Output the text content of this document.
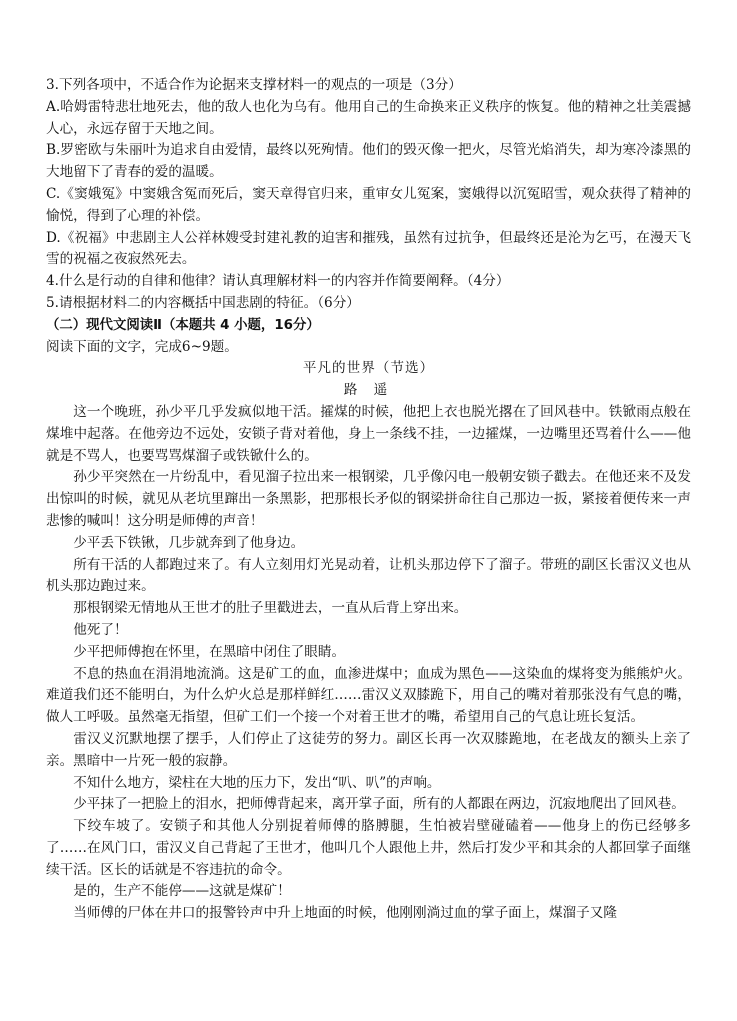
3.下列各项中，不适合作为论据来支撑材料一的观点的一项是（3分）

A.哈姆雷特悲壮地死去，他的敌人也化为乌有。他用自己的生命换来正义秩序的恢复。他的精神之壮美震撼人心，永远存留于天地之间。

B.罗密欧与朱丽叶为追求自由爱情，最终以死殉情。他们的毁灭像一把火，尽管光焰消失，却为寒冷漆黑的大地留下了青春的爱的温暖。

C.《窦娥冤》中窦娥含冤而死后，窦天章得官归来，重审女儿冤案，窦娥得以沉冤昭雪，观众获得了精神的愉悦，得到了心理的补偿。

D.《祝福》中悲剧主人公祥林嫂受封建礼教的迫害和摧残，虽然有过抗争，但最终还是沦为乞丐，在漫天飞雪的祝福之夜寂然死去。

4.什么是行动的自律和他律？请认真理解材料一的内容并作简要阐释。（4分）

5.请根据材料二的内容概括中国悲剧的特征。（6分）

（二）现代文阅读Ⅱ（本题共 4 小题，16分）

阅读下面的文字，完成6~9题。

平凡的世界（节选）

路 遥

这一个晚班，孙少平几乎发疯似地干活。攉煤的时候，他把上衣也脱光撂在了回风巷中。铁锨雨点般在煤堆中起落。在他旁边不远处，安锁子背对着他，身上一条线不挂，一边攉煤，一边嘴里还骂着什么——他就是不骂人，也要骂骂煤溜子或铁锨什么的。

孙少平突然在一片纷乱中，看见溜子拉出来一根钢梁，几乎像闪电一般朝安锁子戳去。在他还来不及发出惊叫的时候，就见从老坑里蹿出一条黑影，把那根长矛似的钢梁拼命往自己那边一扳，紧接着便传来一声悲惨的喊叫！这分明是师傅的声音！

少平丢下铁锹，几步就奔到了他身边。

所有干活的人都跑过来了。有人立刻用灯光晃动着，让机头那边停下了溜子。带班的副区长雷汉义也从机头那边跑过来。

那根钢梁无情地从王世才的肚子里戳进去，一直从后背上穿出来。

他死了！

少平把师傅抱在怀里，在黑暗中闭住了眼睛。

不息的热血在涓涓地流淌。这是矿工的血，血渗进煤中；血成为黑色——这染血的煤将变为熊熊炉火。难道我们还不能明白，为什么炉火总是那样鲜红……雷汉义双膝跪下，用自己的嘴对着那张没有气息的嘴，做人工呼吸。虽然毫无指望，但矿工们一个接一个对着王世才的嘴，希望用自己的气息让班长复活。

雷汉义沉默地摆了摆手，人们停止了这徒劳的努力。副区长再一次双膝跪地，在老战友的额头上亲了亲。黑暗中一片死一般的寂静。

不知什么地方，梁柱在大地的压力下，发出“叭、叭”的声响。

少平抹了一把脸上的泪水，把师傅背起来，离开掌子面，所有的人都跟在两边，沉寂地爬出了回风巷。

下绞车坡了。安锁子和其他人分别捉着师傅的胳膊腿，生怕被岩壁碰磕着——他身上的伤已经够多了……在风门口，雷汉义自己背起了王世才，他叫几个人跟他上井，然后打发少平和其余的人都回掌子面继续干活。区长的话就是不容违抗的命令。

是的，生产不能停——这就是煤矿！

当师傅的尸体在井口的报警铃声中升上地面的时候，他刚刚淌过血的掌子面上，煤溜子又隆
